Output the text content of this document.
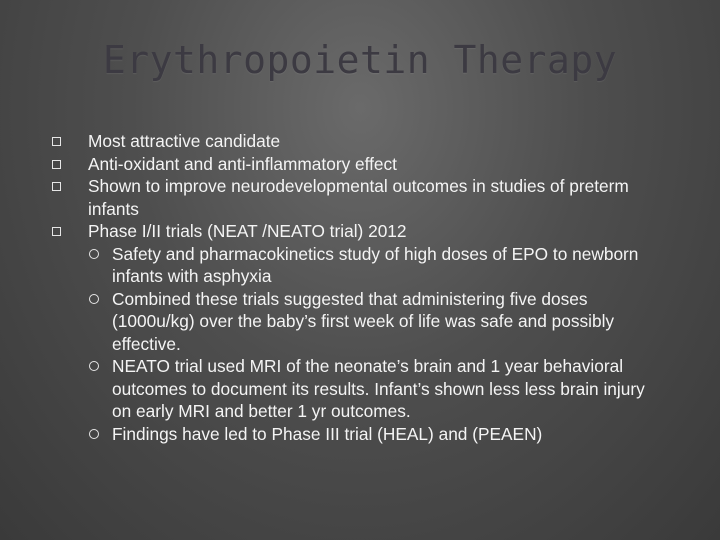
Erythropoietin Therapy
Most attractive candidate
Anti-oxidant and anti-inflammatory effect
Shown to improve neurodevelopmental outcomes in studies of preterm infants
Phase I/II trials (NEAT /NEATO trial) 2012
Safety and pharmacokinetics study of high doses of EPO to newborn infants with asphyxia
Combined these trials suggested that administering five doses (1000u/kg) over the baby’s first week of life was safe and possibly effective.
NEATO trial used MRI of the neonate’s brain and 1 year behavioral outcomes to document its results. Infant’s shown less less brain injury on early MRI and better 1 yr outcomes.
Findings have led to Phase III trial (HEAL) and (PEAEN)
